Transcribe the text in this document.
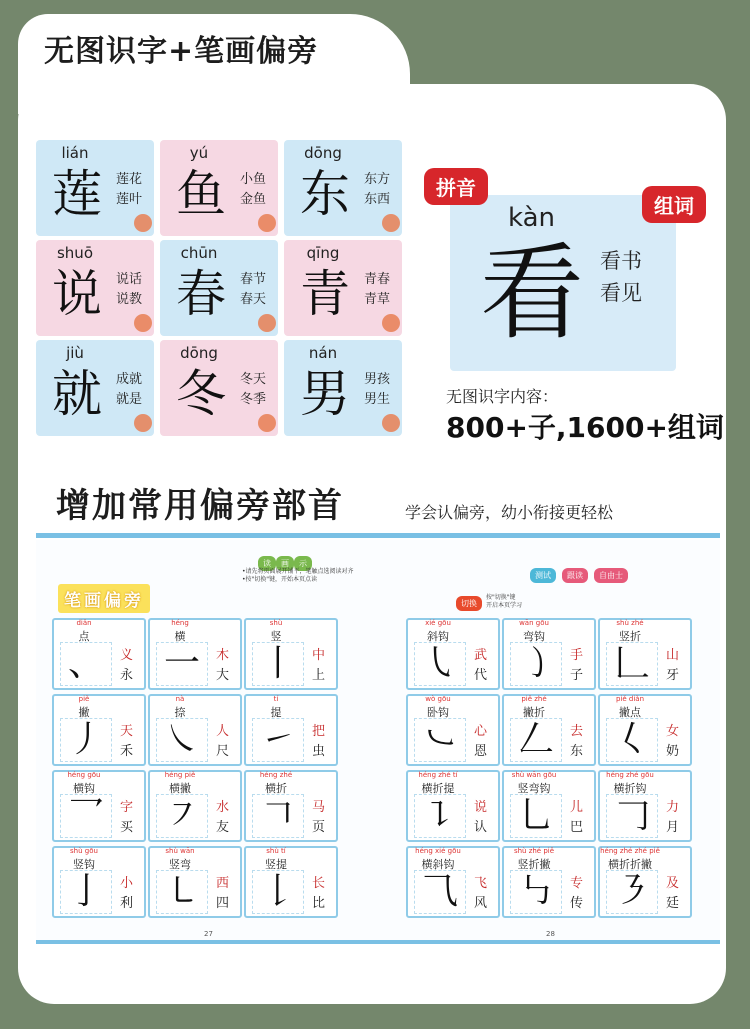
无图识字+笔画偏旁
lián
莲	莲花
莲叶
yú
鱼	小鱼
金鱼
dōng
东	东方
东西
shuō
说	说话
说教
chūn
春	春节
春天
qīng
青	青春
青草
jiù
就	成就
就是
dōng
冬	冬天
冬季
nán
男	男孩
男生
kàn
看 看书
看见
拼音
组词
无图识字内容：
800+子,1600+组词
增加常用偏旁部首	学会认偏旁，幼小衔接更轻松
笔画偏旁
读	画	示
•请先将页面展开铺平，笔触点选阅读对齐
•按"切换"键，开始本页点读
27
diǎn
点
、	义
永
héng
横
一	木
大
shù
竖
丨	中
上
piě
撇
丿	天
禾
nà
捺
㇏	人
尺
tí
提
㇀	把
虫
héng gōu
横钩
乛	字
买
héng piě
横撇
㇇	水
友
héng zhé
横折
𠃍	马
页
shù gōu
竖钩
亅	小
利
shù wān
竖弯
㇄	西
四
shù tí
竖提
𠄌	长
比
测试	跟读	自由士
切换
按"切换"键
开启本页学习
28
xié gōu
斜钩
㇂	武
代
wān gōu
弯钩
㇁	手
子
shù zhé
竖折
𠃊	山
牙
wò gōu
卧钩
㇃	心
恩
piě zhé
撇折
𠃋	去
东
piě diǎn
撇点
𡿨	女
奶
héng zhé tí
横折提
㇊	说
认
shù wān gōu
竖弯钩
乚	儿
巴
héng zhé gōu
横折钩
𠃌	力
月
héng xié gōu
横斜钩
⺄	飞
风
shù zhé piě
竖折撇
㇉	专
传
héng zhé zhé piě
横折折撇
㇋	及
廷
